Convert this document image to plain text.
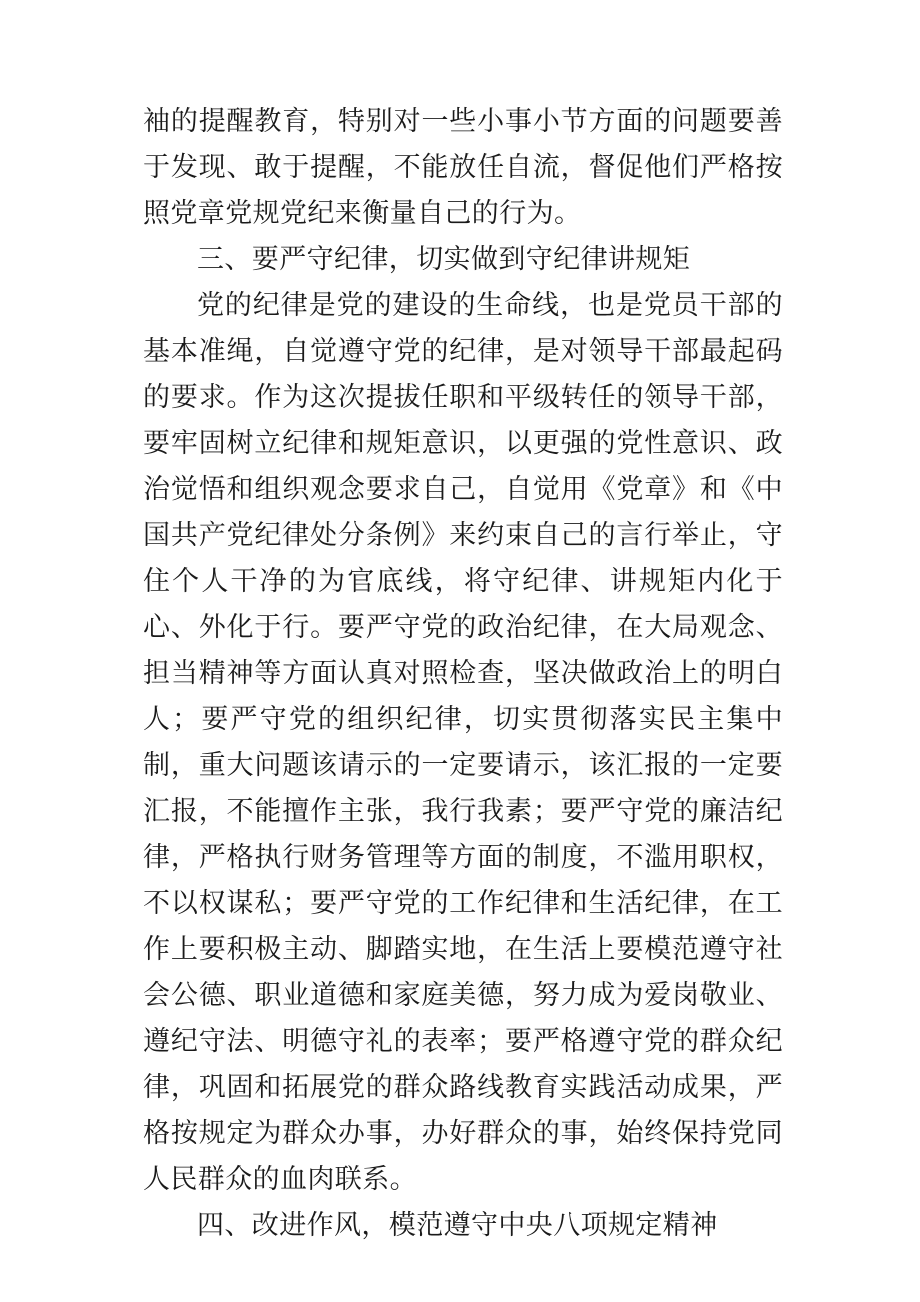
袖的提醒教育，特别对一些小事小节方面的问题要善于发现、敢于提醒，不能放任自流，督促他们严格按照党章党规党纪来衡量自己的行为。

三、要严守纪律，切实做到守纪律讲规矩

党的纪律是党的建设的生命线，也是党员干部的基本准绳，自觉遵守党的纪律，是对领导干部最起码的要求。作为这次提拔任职和平级转任的领导干部，要牢固树立纪律和规矩意识，以更强的党性意识、政治觉悟和组织观念要求自己，自觉用《党章》和《中国共产党纪律处分条例》来约束自己的言行举止，守住个人干净的为官底线，将守纪律、讲规矩内化于心、外化于行。要严守党的政治纪律，在大局观念、担当精神等方面认真对照检查，坚决做政治上的明白人；要严守党的组织纪律，切实贯彻落实民主集中制，重大问题该请示的一定要请示，该汇报的一定要汇报，不能擅作主张，我行我素；要严守党的廉洁纪律，严格执行财务管理等方面的制度，不滥用职权，不以权谋私；要严守党的工作纪律和生活纪律，在工作上要积极主动、脚踏实地，在生活上要模范遵守社会公德、职业道德和家庭美德，努力成为爱岗敬业、遵纪守法、明德守礼的表率；要严格遵守党的群众纪律，巩固和拓展党的群众路线教育实践活动成果，严格按规定为群众办事，办好群众的事，始终保持党同人民群众的血肉联系。

四、改进作风，模范遵守中央八项规定精神
